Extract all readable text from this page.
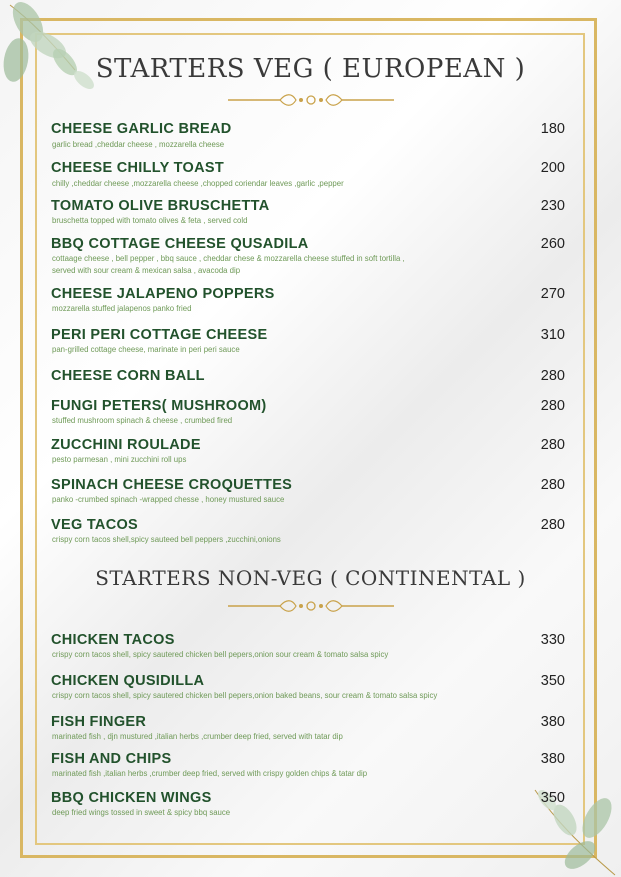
STARTERS VEG ( EUROPEAN )
CHEESE GARLIC BREAD	180
garlic bread ,cheddar cheese , mozzarella cheese
CHEESE CHILLY TOAST	200
chilly ,cheddar cheese ,mozzarella cheese ,chopped coriendar leaves ,garlic ,pepper
TOMATO OLIVE BRUSCHETTA	230
bruschetta topped with tomato olives & feta , served cold
BBQ COTTAGE CHEESE QUSADILA	260
cottaage cheese , bell pepper , bbq sauce , cheddar chese & mozzarella cheese stuffed in soft tortilla , served with sour cream & mexican salsa , avacoda dip
CHEESE JALAPENO POPPERS	270
mozzarella stuffed jalapenos panko fried
PERI PERI COTTAGE CHEESE	310
pan-grilled cottage cheese, marinate in peri peri sauce
CHEESE CORN BALL	280
FUNGI PETERS( MUSHROOM)	280
stuffed mushroom spinach & cheese , crumbed fired
ZUCCHINI ROULADE	280
pesto parmesan , mini zucchini roll ups
SPINACH CHEESE CROQUETTES	280
panko -crumbed spinach -wrapped chesse , honey mustured sauce
VEG TACOS	280
crispy corn tacos shell,spicy sauteed bell peppers ,zucchini,onions
STARTERS NON-VEG ( CONTINENTAL )
CHICKEN TACOS	330
crispy corn tacos shell, spicy sautered chicken bell pepers,onion sour cream & tomato salsa spicy
CHICKEN QUSIDILLA	350
crispy corn tacos shell, spicy sautered chicken bell pepers,onion baked beans, sour cream & tomato salsa spicy
FISH FINGER	380
marinated fish , djn mustured ,italian herbs ,crumber deep fried, served with tatar dip
FISH AND CHIPS	380
marinated fish ,italian herbs ,crumber deep fried, served with crispy golden chips & tatar dip
BBQ CHICKEN WINGS	350
deep fried wings tossed in sweet & spicy bbq sauce
